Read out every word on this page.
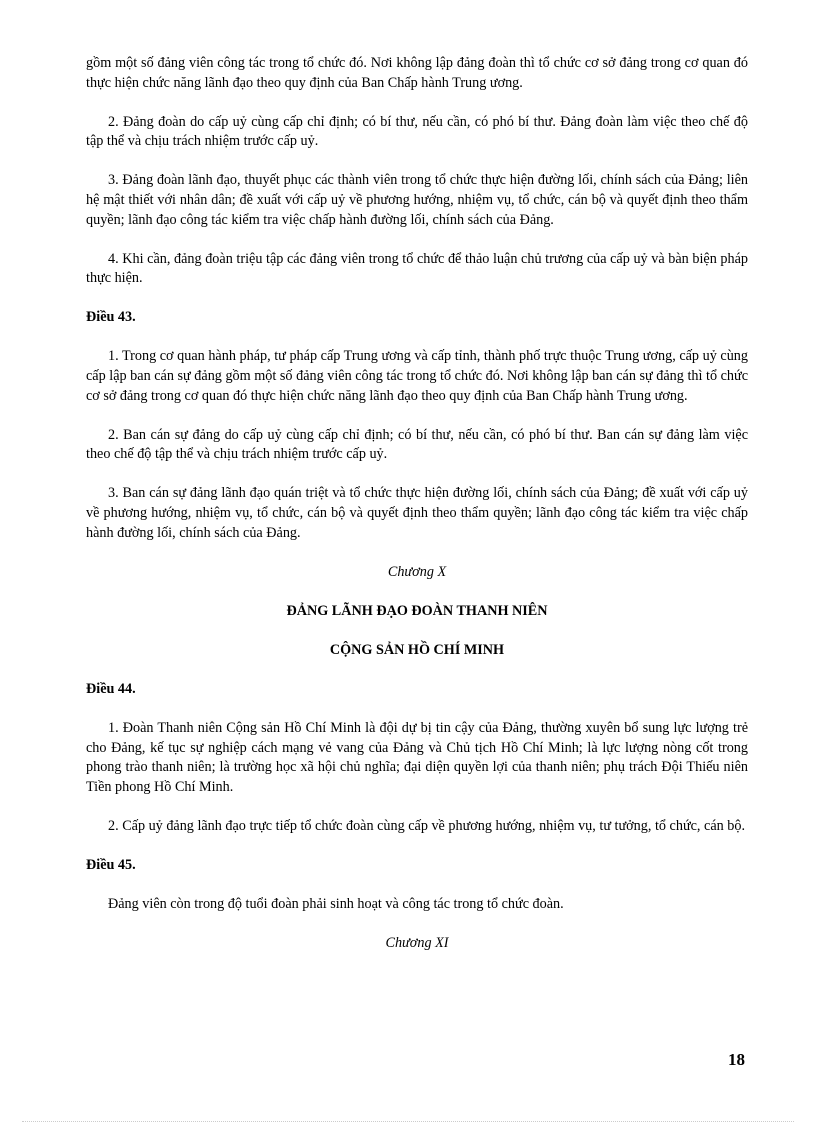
gồm một số đảng viên công tác trong tổ chức đó. Nơi không lập đảng đoàn thì tổ chức cơ sở đảng trong cơ quan đó thực hiện chức năng lãnh đạo theo quy định của Ban Chấp hành Trung ương.

2. Đảng đoàn do cấp uỷ cùng cấp chỉ định; có bí thư, nếu cần, có phó bí thư. Đảng đoàn làm việc theo chế độ tập thể và chịu trách nhiệm trước cấp uỷ.

3. Đảng đoàn lãnh đạo, thuyết phục các thành viên trong tổ chức thực hiện đường lối, chính sách của Đảng; liên hệ mật thiết với nhân dân; đề xuất với cấp uỷ về phương hướng, nhiệm vụ, tổ chức, cán bộ và quyết định theo thẩm quyền; lãnh đạo công tác kiểm tra việc chấp hành đường lối, chính sách của Đảng.

4. Khi cần, đảng đoàn triệu tập các đảng viên trong tổ chức để thảo luận chủ trương của cấp uỷ và bàn biện pháp thực hiện.

Điều 43.

1. Trong cơ quan hành pháp, tư pháp cấp Trung ương và cấp tỉnh, thành phố trực thuộc Trung ương, cấp uỷ cùng cấp lập ban cán sự đảng gồm một số đảng viên công tác trong tổ chức đó. Nơi không lập ban cán sự đảng thì tổ chức cơ sở đảng trong cơ quan đó thực hiện chức năng lãnh đạo theo quy định của Ban Chấp hành Trung ương.

2. Ban cán sự đảng do cấp uỷ cùng cấp chỉ định; có bí thư, nếu cần, có phó bí thư. Ban cán sự đảng làm việc theo chế độ tập thể và chịu trách nhiệm trước cấp uỷ.

3. Ban cán sự đảng lãnh đạo quán triệt và tổ chức thực hiện đường lối, chính sách của Đảng; đề xuất với cấp uỷ về phương hướng, nhiệm vụ, tổ chức, cán bộ và quyết định theo thẩm quyền; lãnh đạo công tác kiểm tra việc chấp hành đường lối, chính sách của Đảng.

Chương X

ĐẢNG LÃNH ĐẠO ĐOÀN THANH NIÊN

CỘNG SẢN HỒ CHÍ MINH

Điều 44.

1. Đoàn Thanh niên Cộng sản Hồ Chí Minh là đội dự bị tin cậy của Đảng, thường xuyên bổ sung lực lượng trẻ cho Đảng, kế tục sự nghiệp cách mạng vẻ vang của Đảng và Chủ tịch Hồ Chí Minh; là lực lượng nòng cốt trong phong trào thanh niên; là trường học xã hội chủ nghĩa; đại diện quyền lợi của thanh niên; phụ trách Đội Thiếu niên Tiền phong Hồ Chí Minh.

2. Cấp uỷ đảng lãnh đạo trực tiếp tổ chức đoàn cùng cấp về phương hướng, nhiệm vụ, tư tưởng, tổ chức, cán bộ.

Điều 45.

Đảng viên còn trong độ tuổi đoàn phải sinh hoạt và công tác trong tổ chức đoàn.

Chương XI

18
